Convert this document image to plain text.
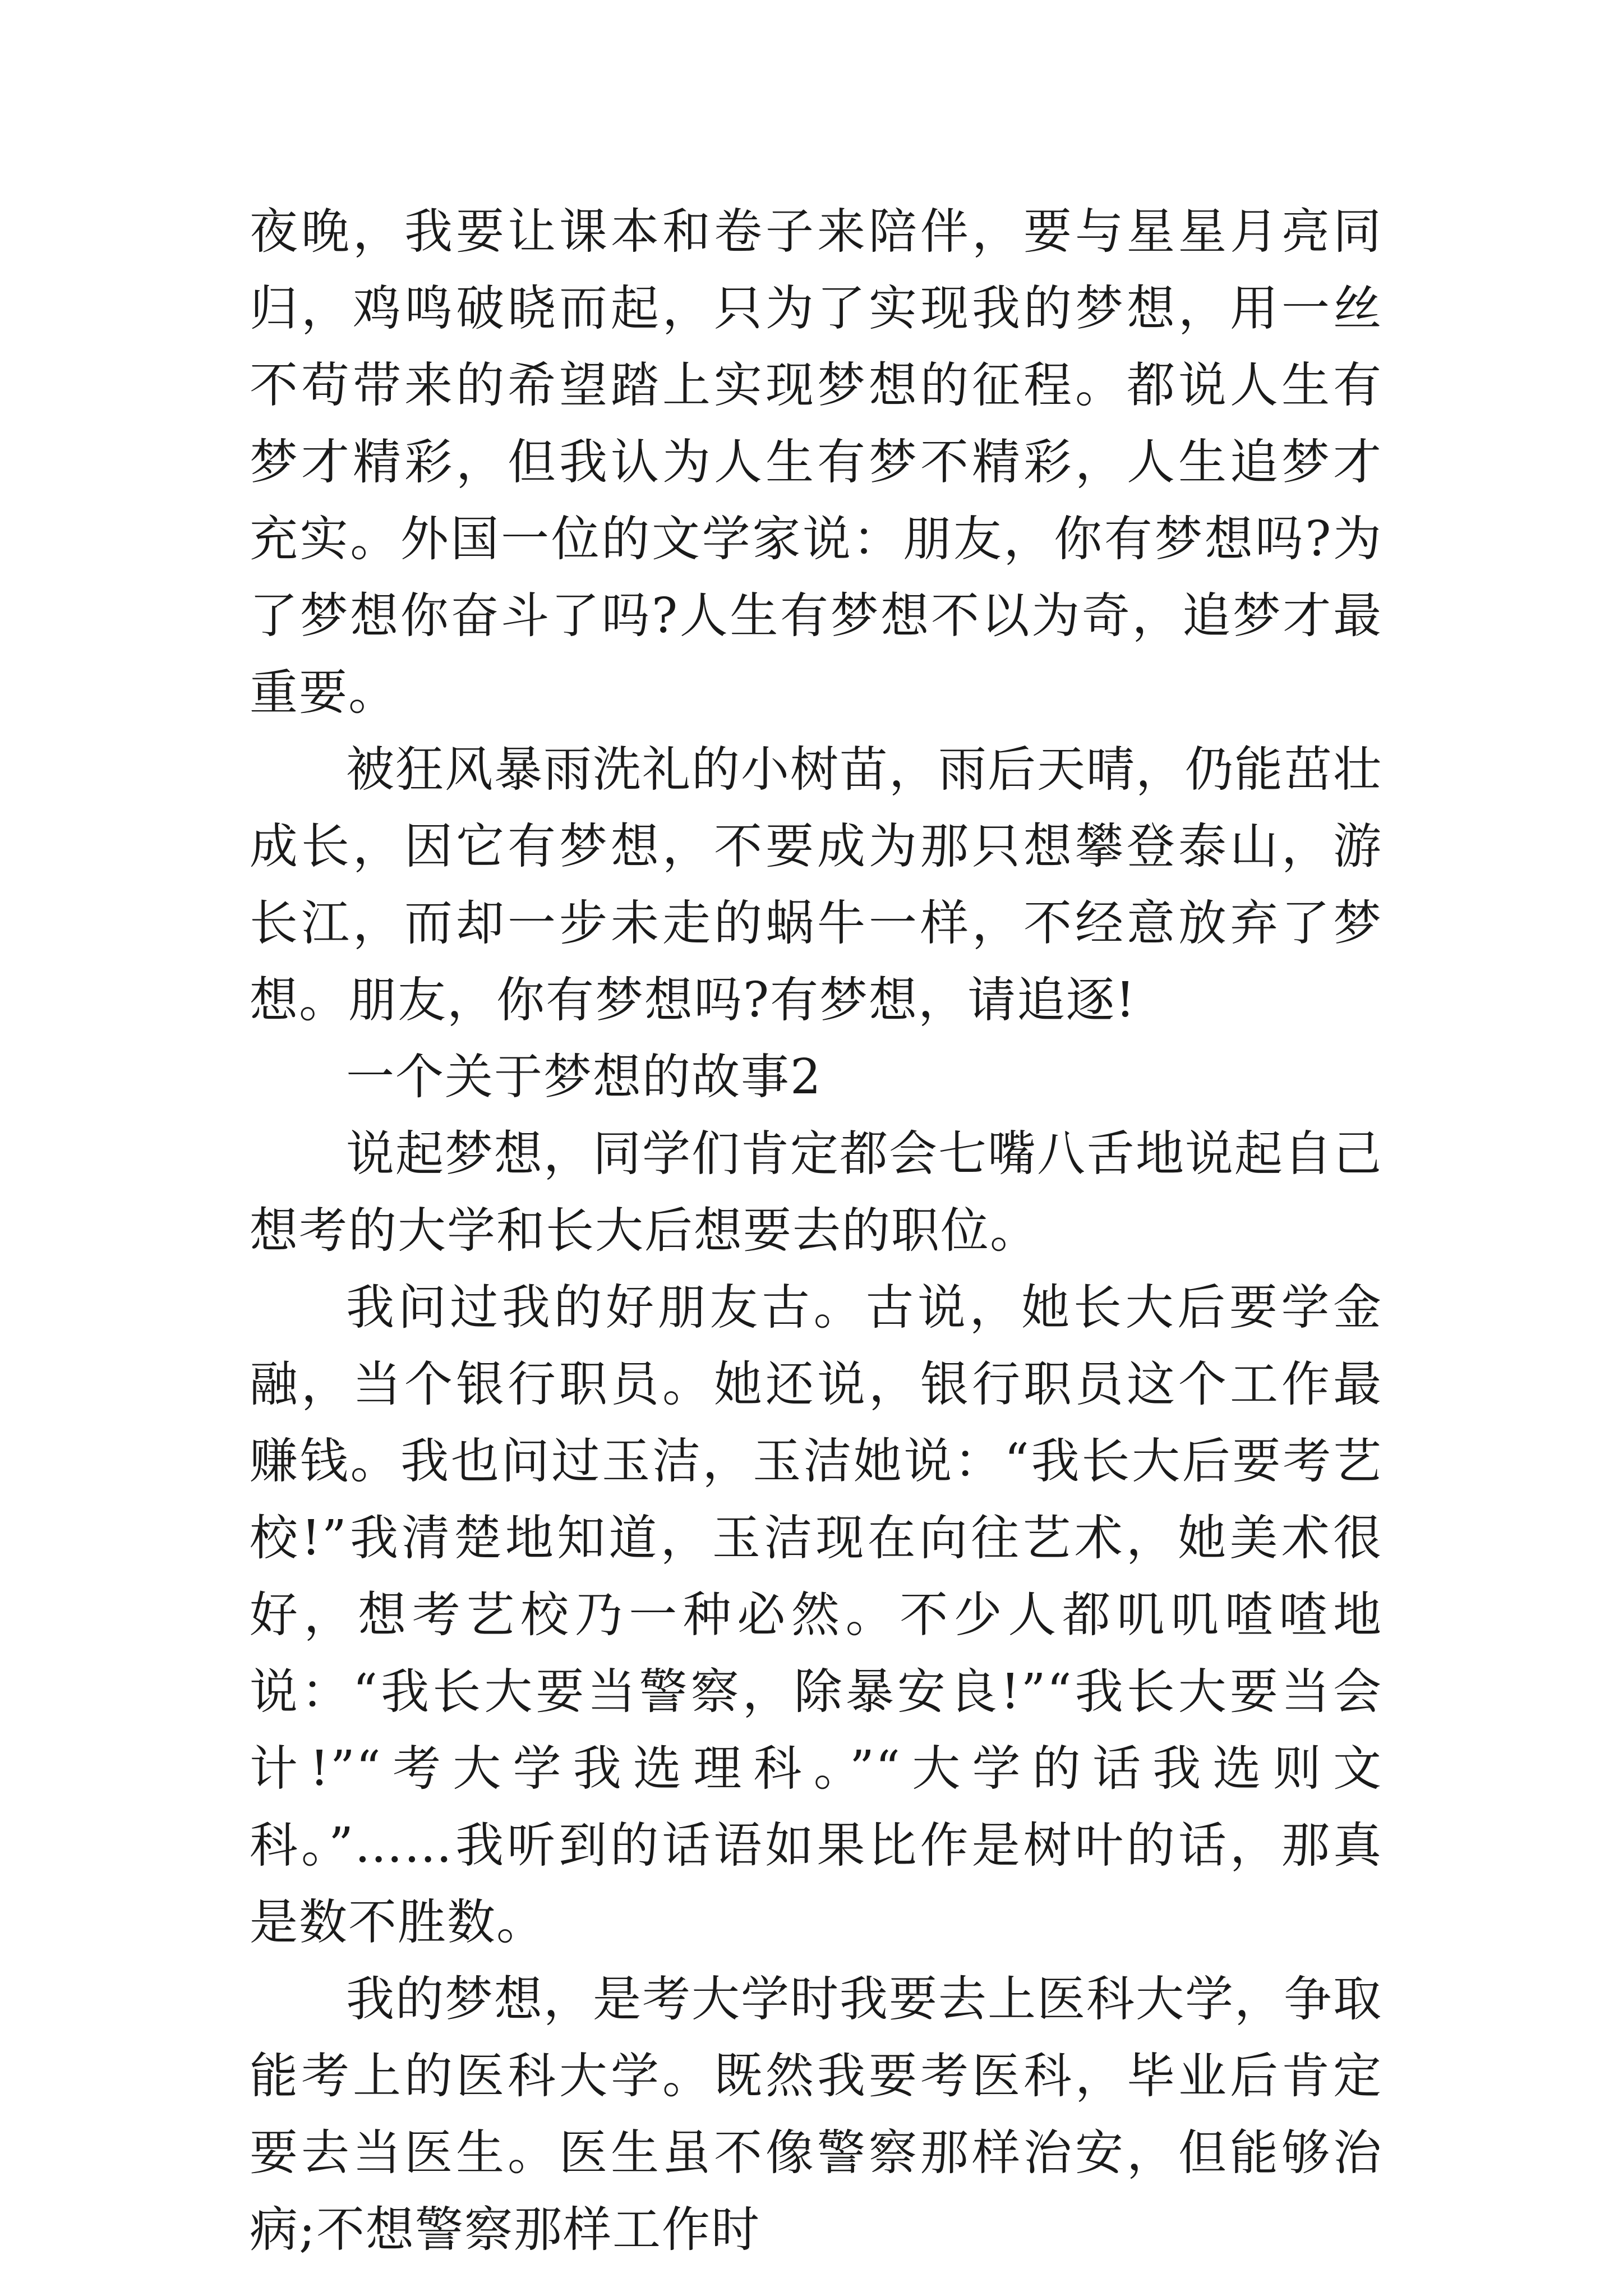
夜晚，我要让课本和卷子来陪伴，要与星星月亮同归，鸡鸣破晓而起，只为了实现我的梦想，用一丝不苟带来的希望踏上实现梦想的征程。都说人生有梦才精彩，但我认为人生有梦不精彩，人生追梦才充实。外国一位的文学家说：朋友，你有梦想吗?为了梦想你奋斗了吗?人生有梦想不以为奇，追梦才最重要。

被狂风暴雨洗礼的小树苗，雨后天晴，仍能茁壮成长，因它有梦想，不要成为那只想攀登泰山，游长江，而却一步未走的蜗牛一样，不经意放弃了梦想。朋友，你有梦想吗?有梦想，请追逐!

一个关于梦想的故事2

说起梦想，同学们肯定都会七嘴八舌地说起自己想考的大学和长大后想要去的职位。

我问过我的好朋友古。古说，她长大后要学金融，当个银行职员。她还说，银行职员这个工作最赚钱。我也问过玉洁，玉洁她说：“我长大后要考艺校!”我清楚地知道，玉洁现在向往艺术，她美术很好，想考艺校乃一种必然。不少人都叽叽喳喳地说：“我长大要当警察，除暴安良!”“我长大要当会计!”“考大学我选理科。”“大学的话我选则文科。”……我听到的话语如果比作是树叶的话，那真是数不胜数。

我的梦想，是考大学时我要去上医科大学，争取能考上的医科大学。既然我要考医科，毕业后肯定要去当医生。医生虽不像警察那样治安，但能够治病;不想警察那样工作时
